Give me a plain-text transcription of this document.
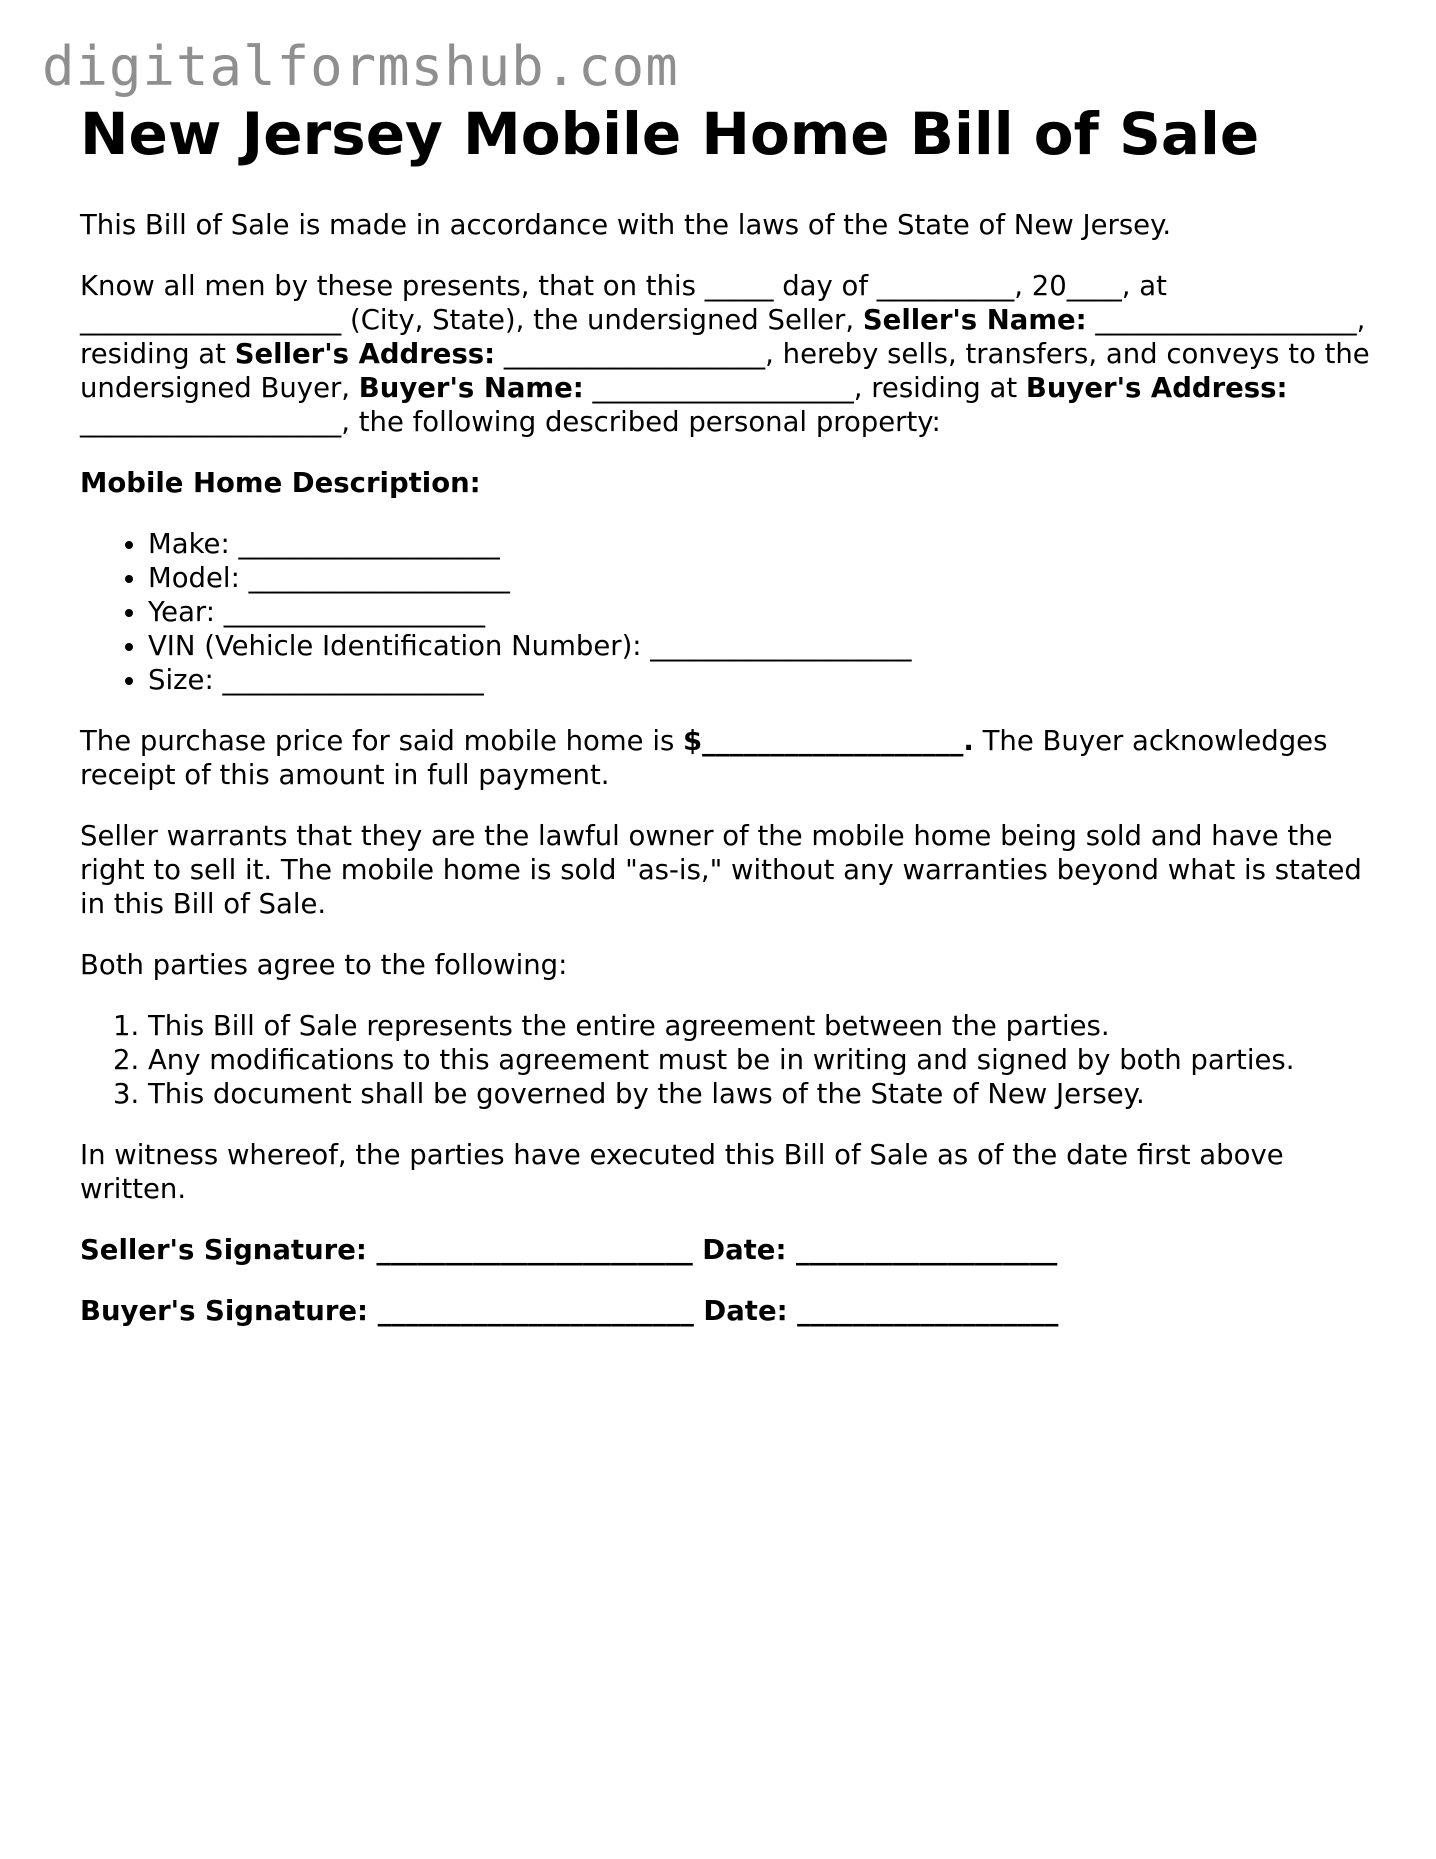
digitalformshub.com
New Jersey Mobile Home Bill of Sale

This Bill of Sale is made in accordance with the laws of the State of New Jersey.

Know all men by these presents, that on this _____ day of __________, 20____, at ___________________ (City, State), the undersigned Seller, Seller's Name: ___________________, residing at Seller's Address: ___________________, hereby sells, transfers, and conveys to the undersigned Buyer, Buyer's Name: ___________________, residing at Buyer's Address: ___________________, the following described personal property:

Mobile Home Description:

• Make: ___________________
• Model: ___________________
• Year: ___________________
• VIN (Vehicle Identification Number): ___________________
• Size: ___________________

The purchase price for said mobile home is $___________________. The Buyer acknowledges receipt of this amount in full payment.

Seller warrants that they are the lawful owner of the mobile home being sold and have the right to sell it. The mobile home is sold "as-is," without any warranties beyond what is stated in this Bill of Sale.

Both parties agree to the following:

1. This Bill of Sale represents the entire agreement between the parties.
2. Any modifications to this agreement must be in writing and signed by both parties.
3. This document shall be governed by the laws of the State of New Jersey.

In witness whereof, the parties have executed this Bill of Sale as of the date first above written.

Seller's Signature: _______________________ Date: ___________________

Buyer's Signature: _______________________ Date: ___________________
